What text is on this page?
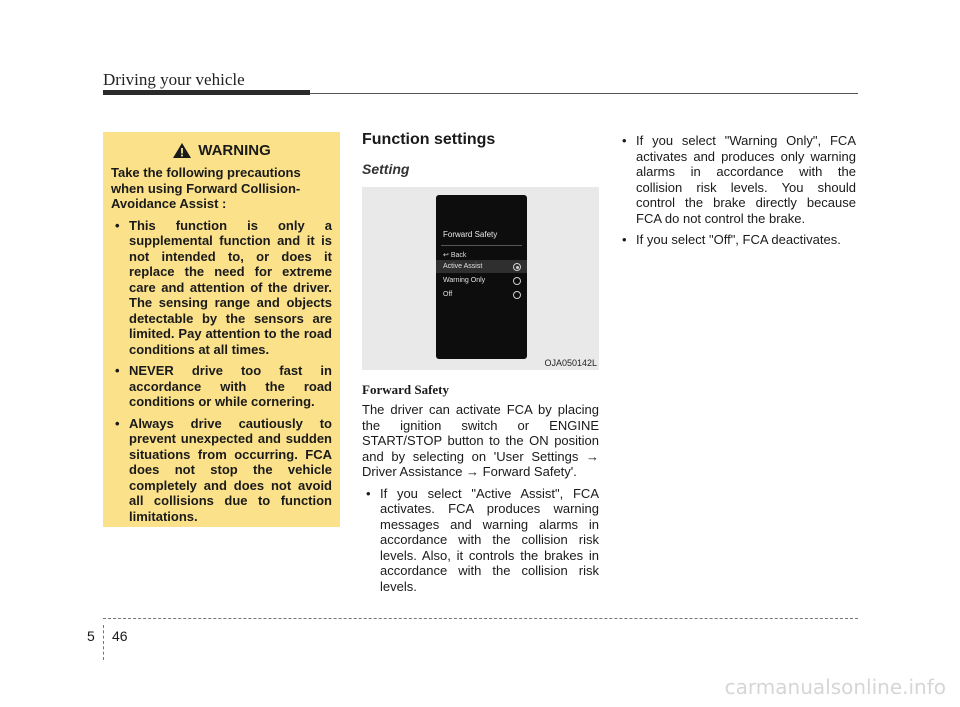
Driving your vehicle
WARNING

Take the following precautions when using Forward Collision-Avoidance Assist :

• This function is only a supplemental function and it is not intended to, or does it replace the need for extreme care and attention of the driver. The sensing range and objects detectable by the sensors are limited. Pay attention to the road conditions at all times.
• NEVER drive too fast in accordance with the road conditions or while cornering.
• Always drive cautiously to prevent unexpected and sudden situations from occurring. FCA does not stop the vehicle completely and does not avoid all collisions due to function limitations.
Function settings
Setting
Forward Safety
↩ Back
Active Assist
Warning Only
Off
OJA050142L
Forward Safety

The driver can activate FCA by placing the ignition switch or ENGINE START/STOP button to the ON position and by selecting on 'User Settings → Driver Assistance → Forward Safety'.

• If you select "Active Assist", FCA activates. FCA produces warning messages and warning alarms in accordance with the collision risk levels. Also, it controls the brakes in accordance with the collision risk levels.
• If you select "Warning Only", FCA activates and produces only warning alarms in accordance with the collision risk levels. You should control the brake directly because FCA do not control the brake.
• If you select "Off", FCA deactivates.
5 46
carmanualsonline.info
